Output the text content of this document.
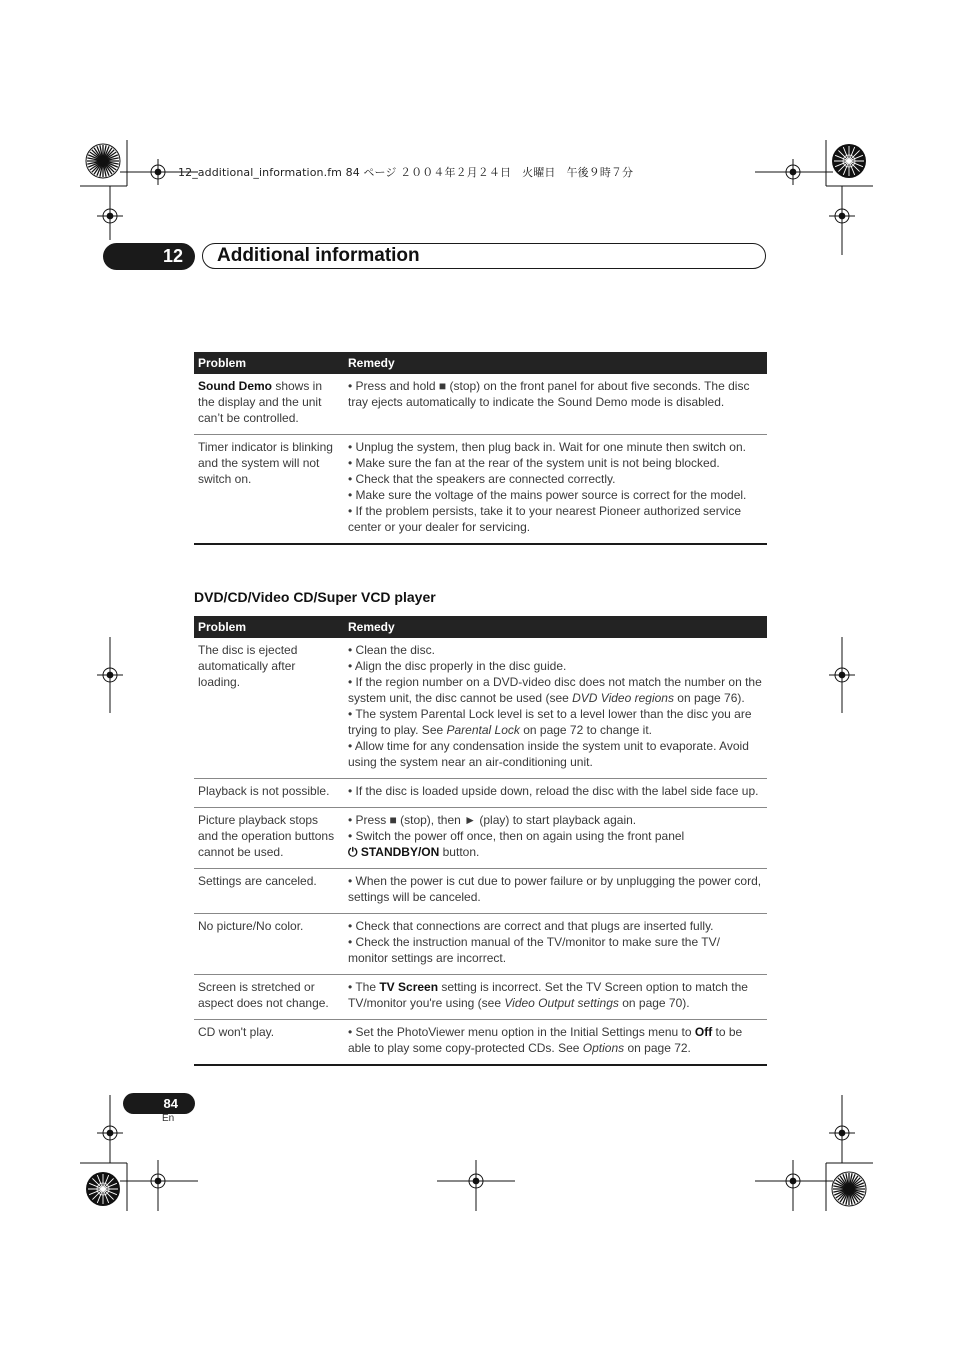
12_additional_information.fm 84 ページ ２００４年２月２４日　火曜日　午後９時７分
12	Additional information
Problem	Remedy
Sound Demo shows in the display and the unit can’t be controlled.	• Press and hold ■ (stop) on the front panel for about five seconds. The disc tray ejects automatically to indicate the Sound Demo mode is disabled.

Timer indicator is blinking and the system will not switch on.	• Unplug the system, then plug back in. Wait for one minute then switch on.
• Make sure the fan at the rear of the system unit is not being blocked.
• Check that the speakers are connected correctly.
• Make sure the voltage of the mains power source is correct for the model.
• If the problem persists, take it to your nearest Pioneer authorized service center or your dealer for servicing.
DVD/CD/Video CD/Super VCD player
Problem	Remedy
The disc is ejected automatically after loading.	• Clean the disc.
• Align the disc properly in the disc guide.
• If the region number on a DVD-video disc does not match the number on the system unit, the disc cannot be used (see DVD Video regions on page 76).
• The system Parental Lock level is set to a level lower than the disc you are trying to play. See Parental Lock on page 72 to change it.
• Allow time for any condensation inside the system unit to evaporate. Avoid using the system near an air-conditioning unit.

Playback is not possible.	• If the disc is loaded upside down, reload the disc with the label side face up.

Picture playback stops and the operation buttons cannot be used.	• Press ■ (stop), then ► (play) to start playback again.
• Switch the power off once, then on again using the front panel
⏻ STANDBY/ON button.

Settings are canceled.	• When the power is cut due to power failure or by unplugging the power cord, settings will be canceled.

No picture/No color.	• Check that connections are correct and that plugs are inserted fully.
• Check the instruction manual of the TV/monitor to make sure the TV/ monitor settings are incorrect.

Screen is stretched or aspect does not change.	• The TV Screen setting is incorrect. Set the TV Screen option to match the TV/monitor you're using (see Video Output settings on page 70).

CD won't play.	• Set the PhotoViewer menu option in the Initial Settings menu to Off to be able to play some copy-protected CDs. See Options on page 72.
84
En
